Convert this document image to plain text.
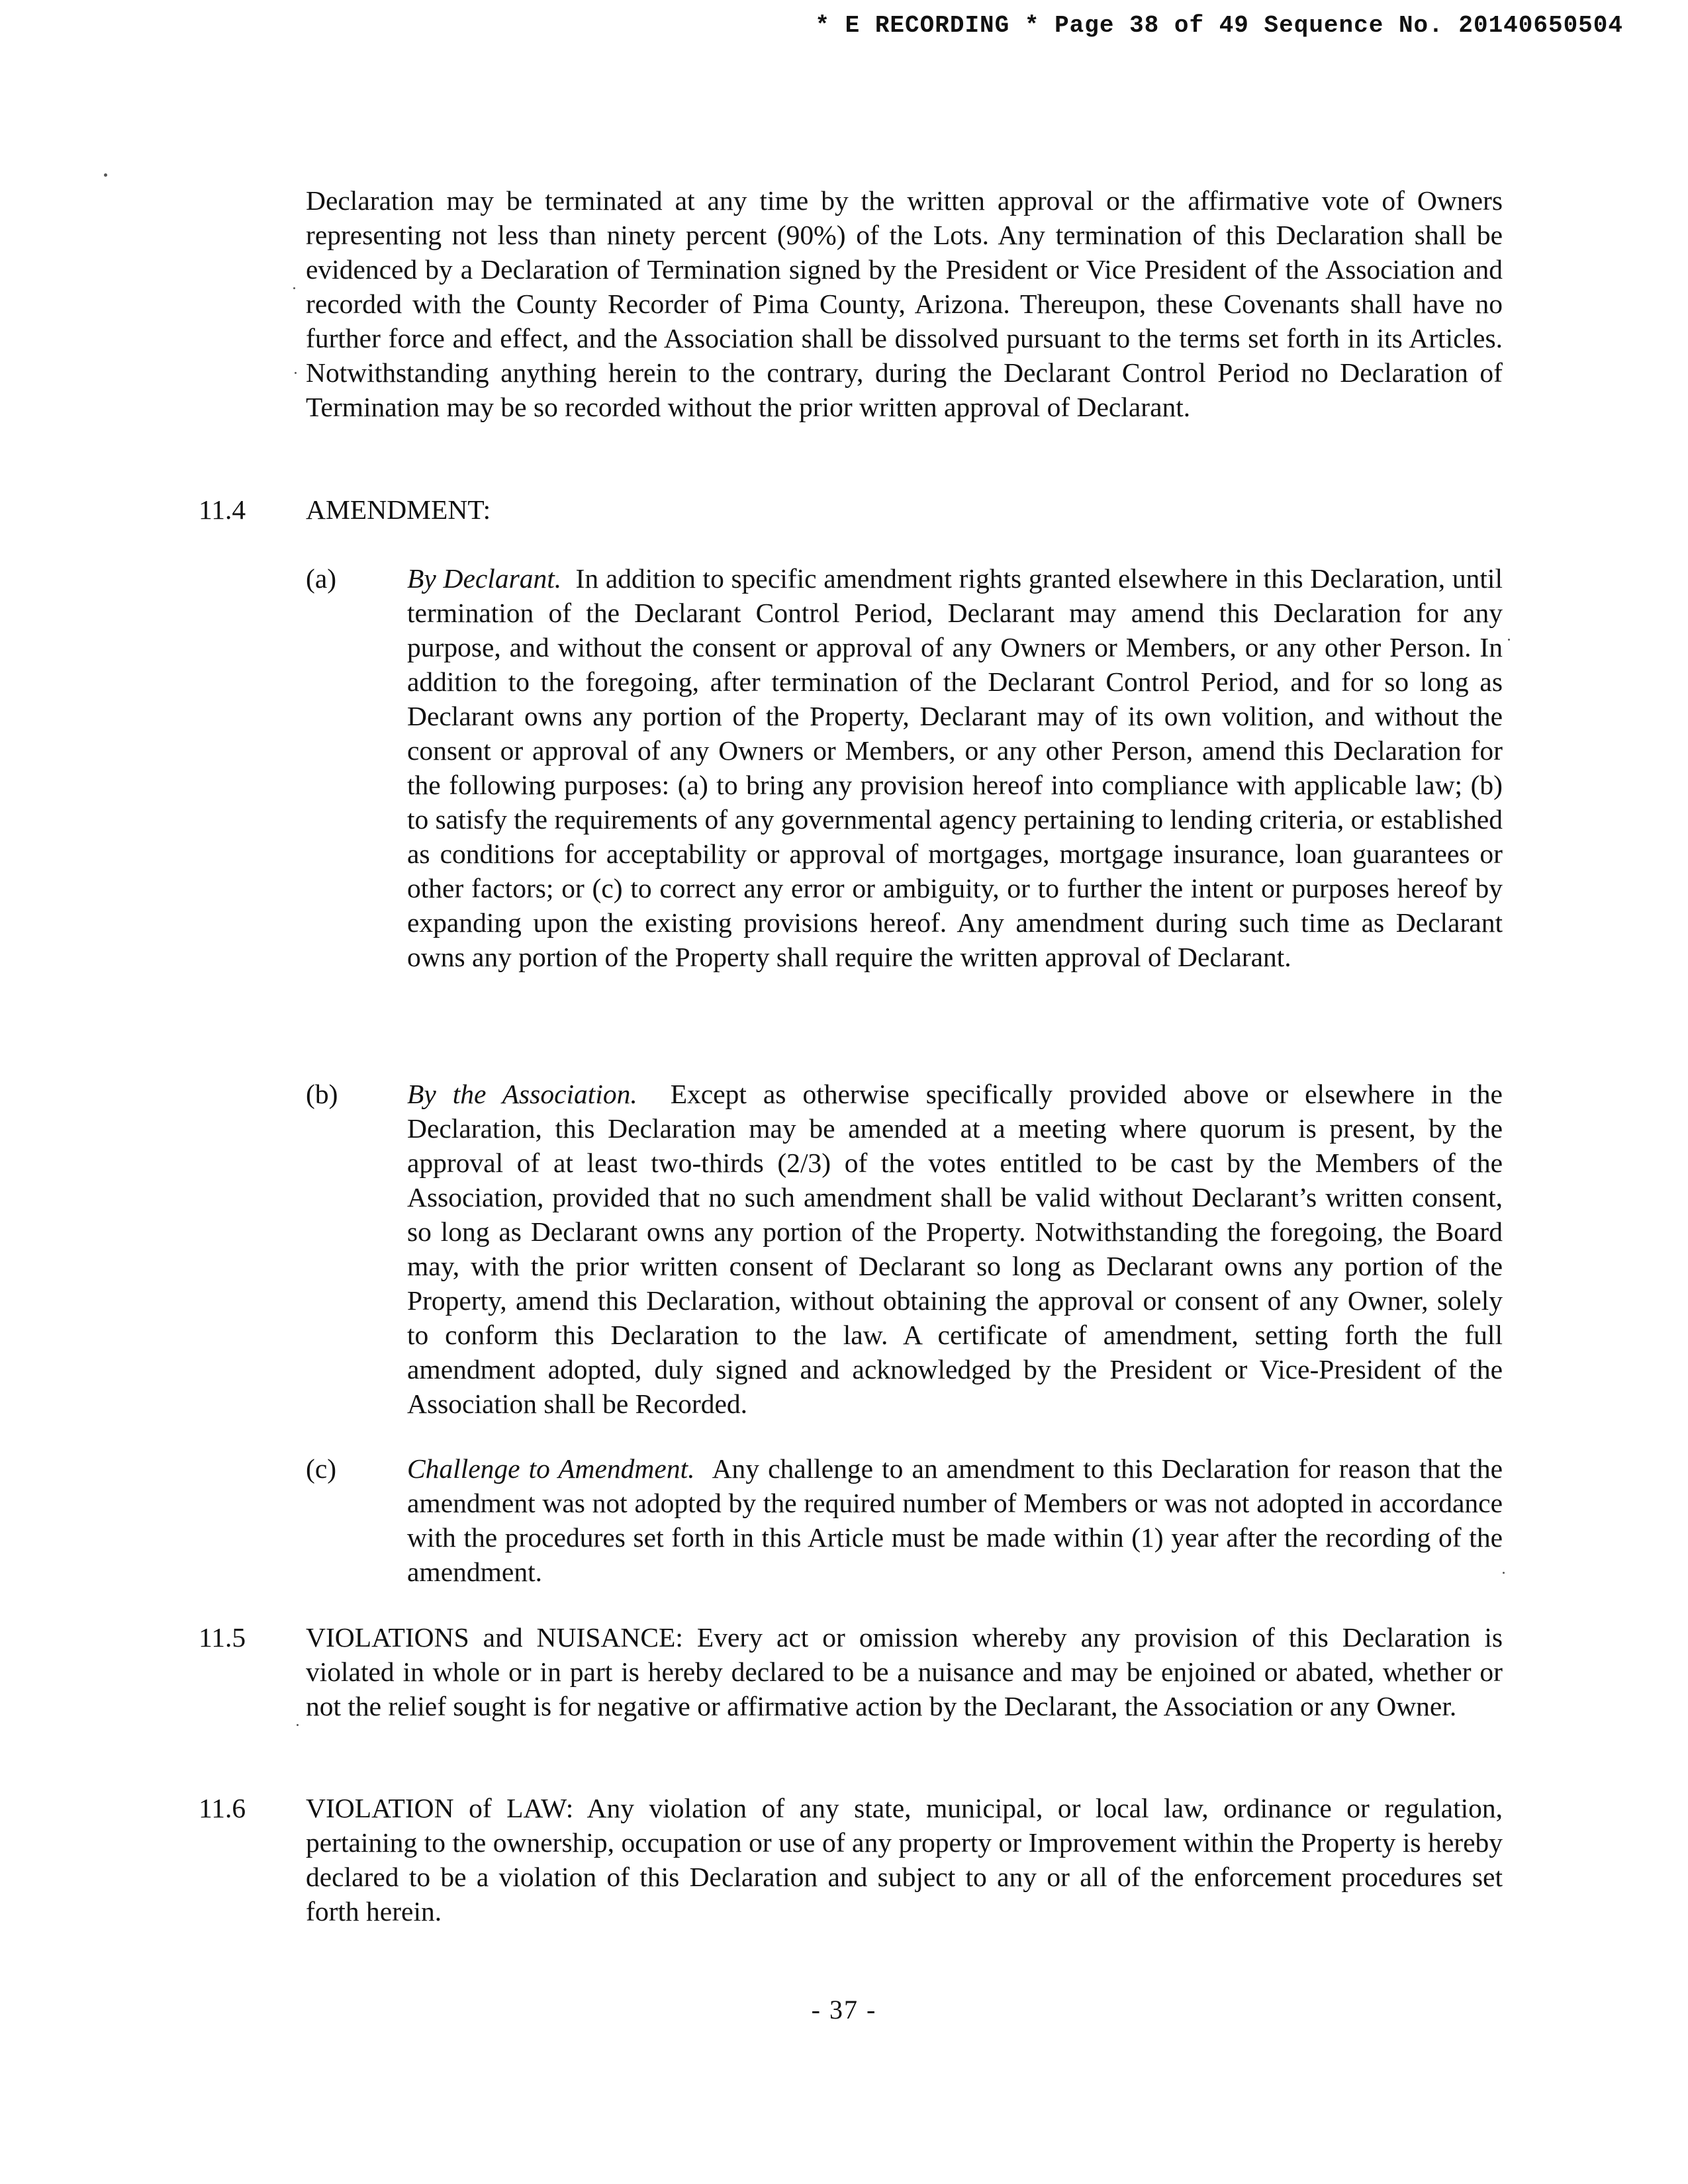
* E RECORDING * Page 38 of 49 Sequence No. 20140650504

Declaration may be terminated at any time by the written approval or the affirmative vote of Owners representing not less than ninety percent (90%) of the Lots. Any termination of this Declaration shall be evidenced by a Declaration of Termination signed by the President or Vice President of the Association and recorded with the County Recorder of Pima County, Arizona. Thereupon, these Covenants shall have no further force and effect, and the Association shall be dissolved pursuant to the terms set forth in its Articles. Notwithstanding anything herein to the contrary, during the Declarant Control Period no Declaration of Termination may be so recorded without the prior written approval of Declarant.

11.4 AMENDMENT:
(a)	By Declarant. In addition to specific amendment rights granted elsewhere in this Declaration, until termination of the Declarant Control Period, Declarant may amend this Declaration for any purpose, and without the consent or approval of any Owners or Members, or any other Person. In addition to the foregoing, after termination of the Declarant Control Period, and for so long as Declarant owns any portion of the Property, Declarant may of its own volition, and without the consent or approval of any Owners or Members, or any other Person, amend this Declaration for the following purposes: (a) to bring any provision hereof into compliance with applicable law; (b) to satisfy the requirements of any governmental agency pertaining to lending criteria, or established as conditions for acceptability or approval of mortgages, mortgage insurance, loan guarantees or other factors; or (c) to correct any error or ambiguity, or to further the intent or purposes hereof by expanding upon the existing provisions hereof. Any amendment during such time as Declarant owns any portion of the Property shall require the written approval of Declarant.

(b)	By the Association. Except as otherwise specifically provided above or elsewhere in the Declaration, this Declaration may be amended at a meeting where quorum is present, by the approval of at least two-thirds (2/3) of the votes entitled to be cast by the Members of the Association, provided that no such amendment shall be valid without Declarant’s written consent, so long as Declarant owns any portion of the Property. Notwithstanding the foregoing, the Board may, with the prior written consent of Declarant so long as Declarant owns any portion of the Property, amend this Declaration, without obtaining the approval or consent of any Owner, solely to conform this Declaration to the law. A certificate of amendment, setting forth the full amendment adopted, duly signed and acknowledged by the President or Vice-President of the Association shall be Recorded.

(c)	Challenge to Amendment. Any challenge to an amendment to this Declaration for reason that the amendment was not adopted by the required number of Members or was not adopted in accordance with the procedures set forth in this Article must be made within (1) year after the recording of the amendment.

11.5 VIOLATIONS and NUISANCE: Every act or omission whereby any provision of this Declaration is violated in whole or in part is hereby declared to be a nuisance and may be enjoined or abated, whether or not the relief sought is for negative or affirmative action by the Declarant, the Association or any Owner.

11.6 VIOLATION of LAW: Any violation of any state, municipal, or local law, ordinance or regulation, pertaining to the ownership, occupation or use of any property or Improvement within the Property is hereby declared to be a violation of this Declaration and subject to any or all of the enforcement procedures set forth herein.

- 37 -
